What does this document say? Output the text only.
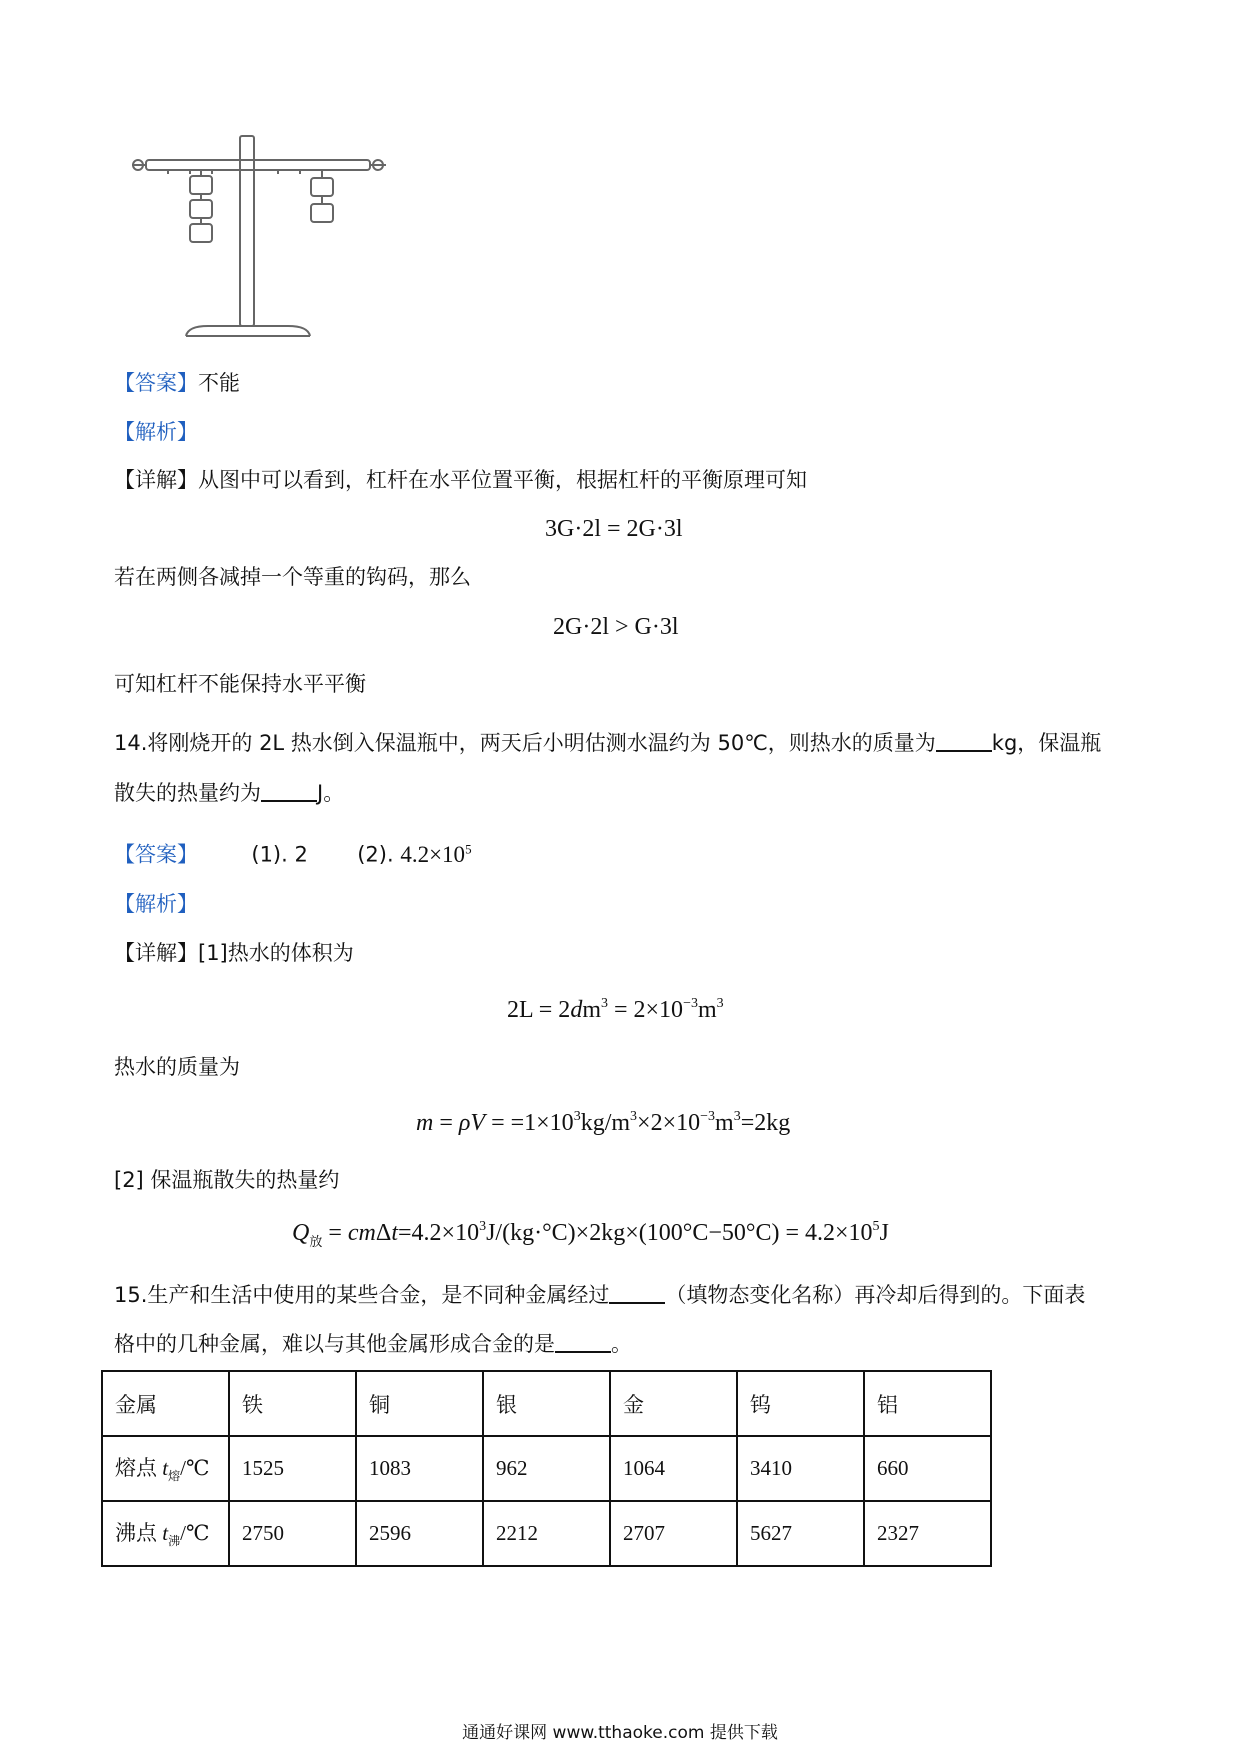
【答案】不能
【解析】
【详解】从图中可以看到，杠杆在水平位置平衡，根据杠杆的平衡原理可知
3G·2l = 2G·3l
若在两侧各减掉一个等重的钩码，那么
2G·2l > G·3l
可知杠杆不能保持水平平衡
14.将刚烧开的 2L 热水倒入保温瓶中，两天后小明估测水温约为 50℃，则热水的质量为	kg，保温瓶
散失的热量约为	J。
【答案】	(1). 2 (2). $4.2\times 10^5$
【解析】
【详解】[1]热水的体积为
$2L = 2dm^3 = 2\times 10^{-3}m^3$
热水的质量为
$m = \rho V = =1\times 10^3kg/m^3\times 2\times 10^{-3}m^3=2kg$
[2] 保温瓶散失的热量约
$Q_放 = cm\Delta t=4.2\times 10^3J/(kg\cdot^\circ C)\times 2kg\times(100^\circ C-50^\circ C) = 4.2\times 10^5J$
15.生产和生活中使用的某些合金，是不同种金属经过	（填物态变化名称）再冷却后得到的。下面表
格中的几种金属，难以与其他金属形成合金的是	。
金属	铁	铜	银	金	钨	铝
熔点 $t_熔/℃$	1525	1083	962	1064	3410	660
沸点 $t_沸/℃$	2750	2596	2212	2707	5627	2327
通通好课网 www.tthaoke.com 提供下载
